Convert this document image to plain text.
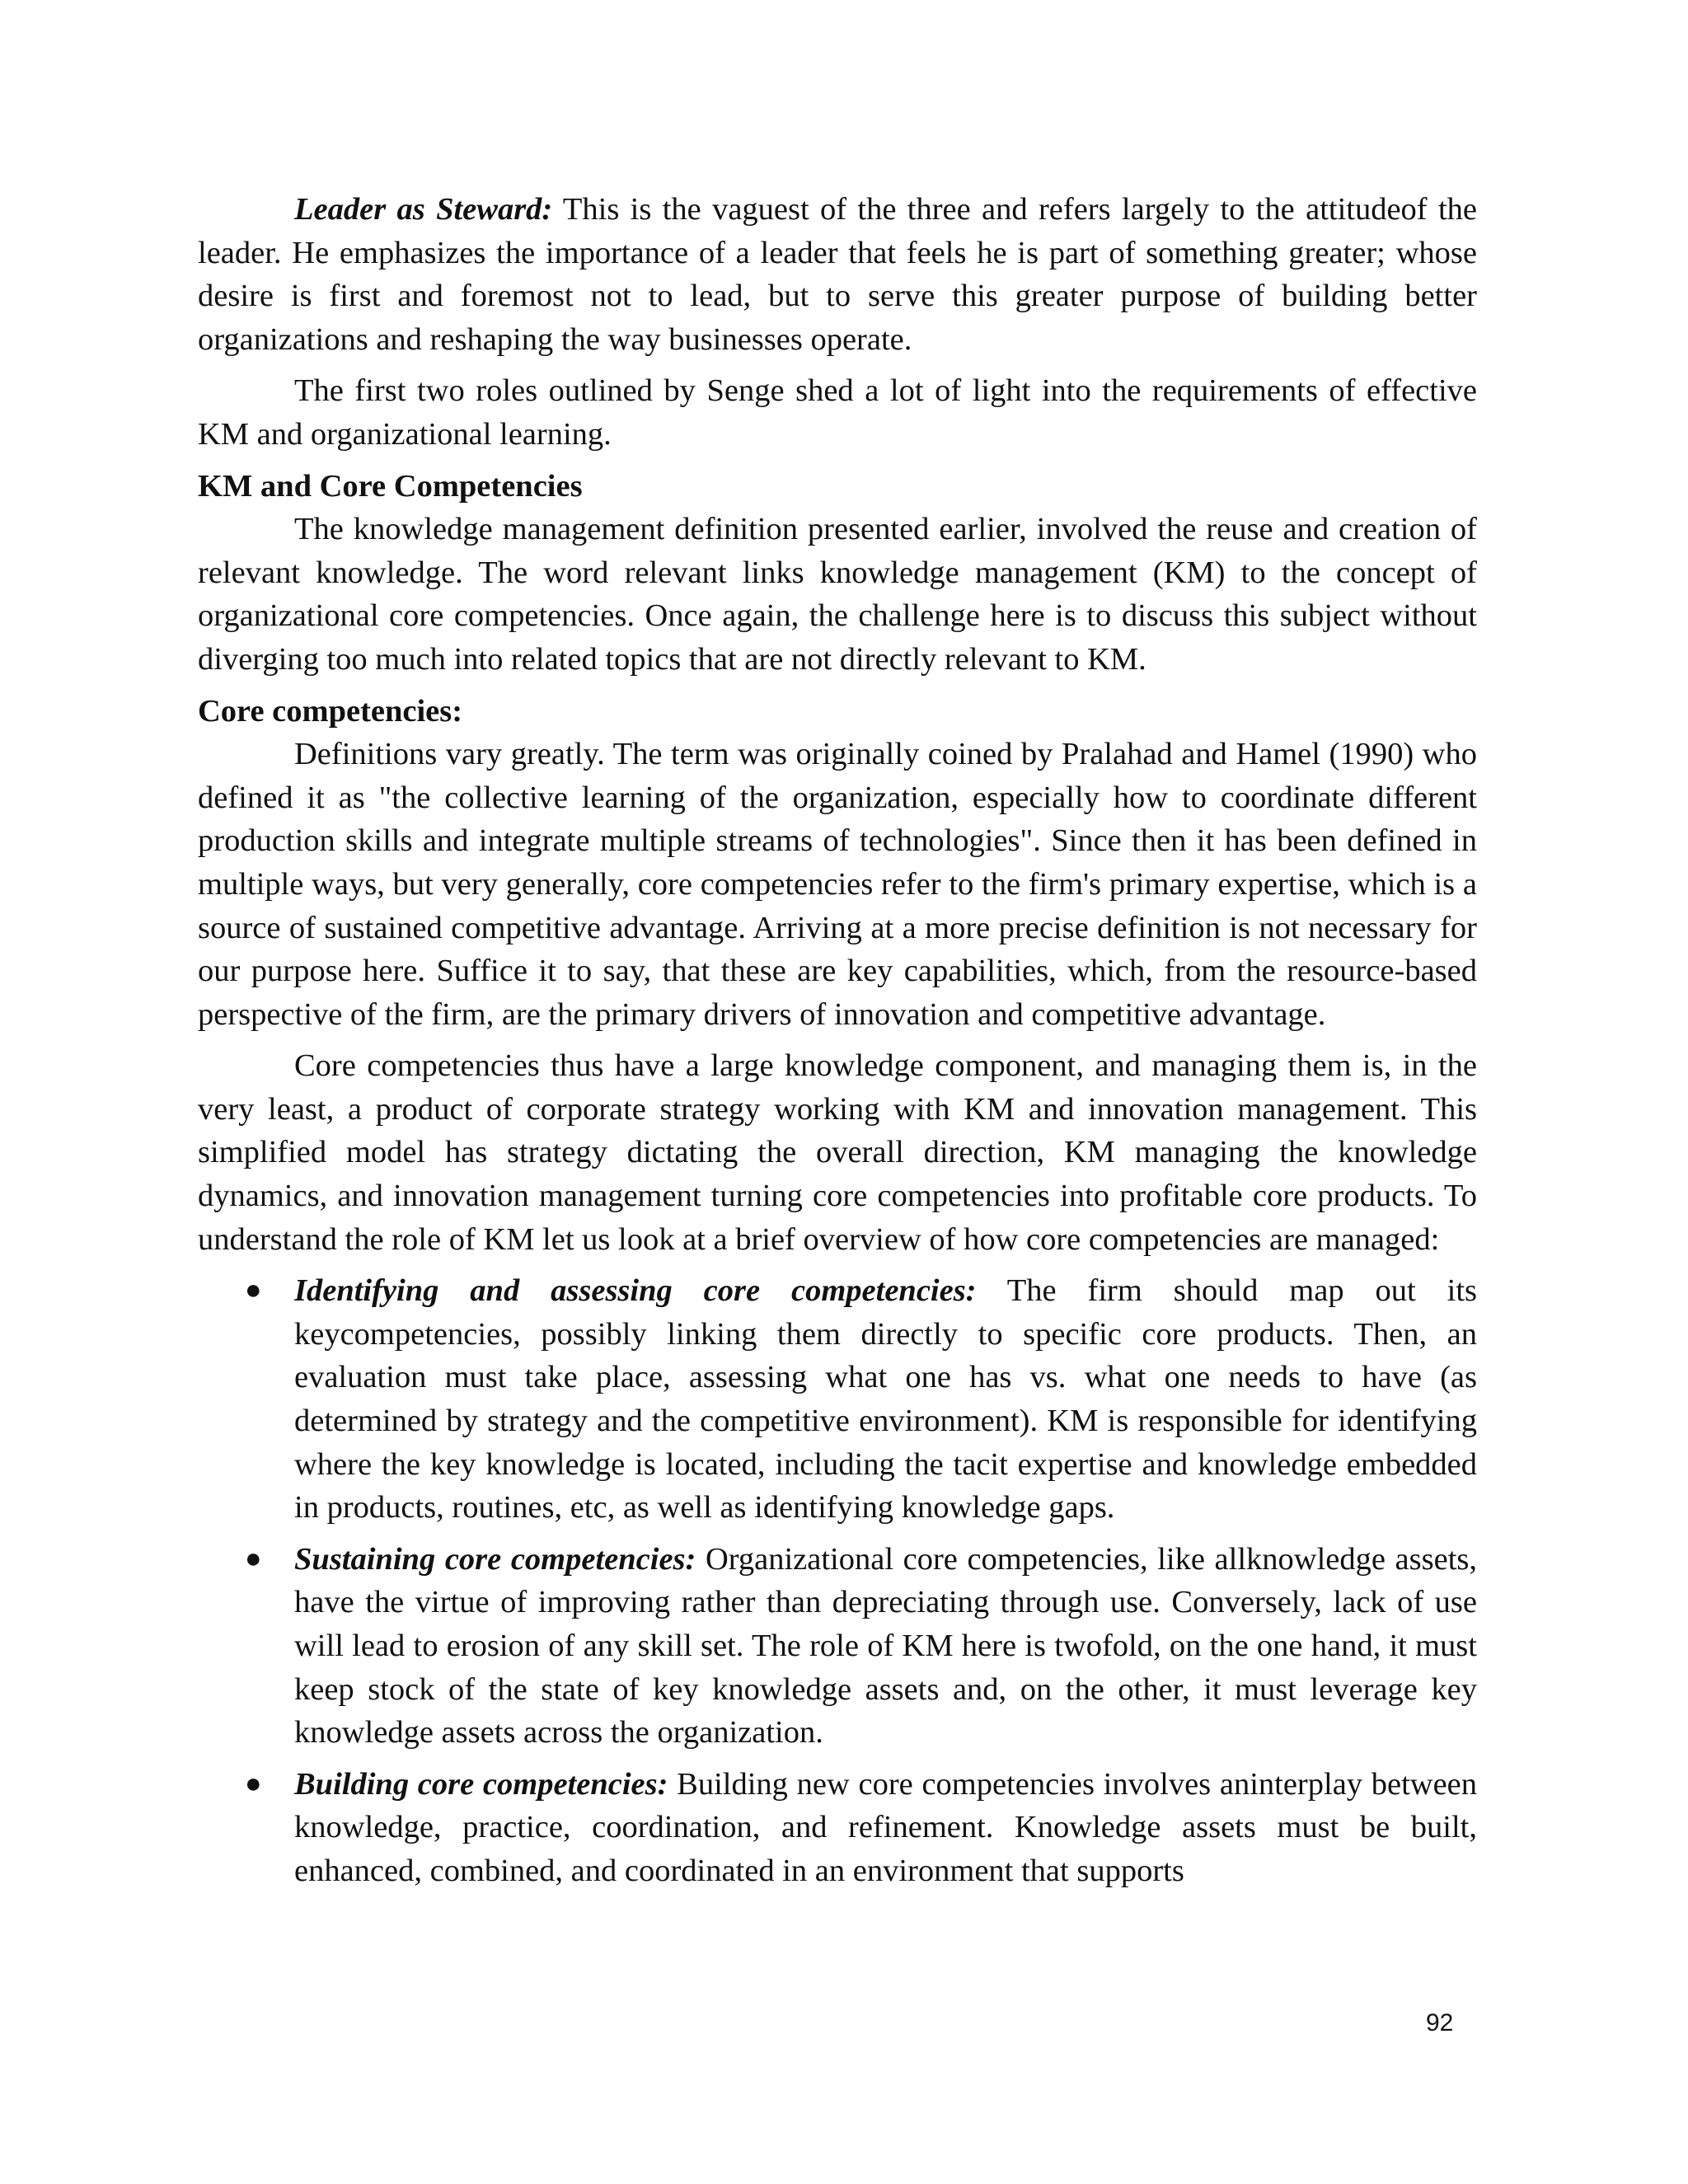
Leader as Steward: This is the vaguest of the three and refers largely to the attitudeof the leader. He emphasizes the importance of a leader that feels he is part of something greater; whose desire is first and foremost not to lead, but to serve this greater purpose of building better organizations and reshaping the way businesses operate.

The first two roles outlined by Senge shed a lot of light into the requirements of effective KM and organizational learning.

KM and Core Competencies

The knowledge management definition presented earlier, involved the reuse and creation of relevant knowledge. The word relevant links knowledge management (KM) to the concept of organizational core competencies. Once again, the challenge here is to discuss this subject without diverging too much into related topics that are not directly relevant to KM.

Core competencies:

Definitions vary greatly. The term was originally coined by Pralahad and Hamel (1990) who defined it as "the collective learning of the organization, especially how to coordinate different production skills and integrate multiple streams of technologies". Since then it has been defined in multiple ways, but very generally, core competencies refer to the firm's primary expertise, which is a source of sustained competitive advantage. Arriving at a more precise definition is not necessary for our purpose here. Suffice it to say, that these are key capabilities, which, from the resource-based perspective of the firm, are the primary drivers of innovation and competitive advantage.

Core competencies thus have a large knowledge component, and managing them is, in the very least, a product of corporate strategy working with KM and innovation management. This simplified model has strategy dictating the overall direction, KM managing the knowledge dynamics, and innovation management turning core competencies into profitable core products. To understand the role of KM let us look at a brief overview of how core competencies are managed:

● Identifying and assessing core competencies: The firm should map out its keycompetencies, possibly linking them directly to specific core products. Then, an evaluation must take place, assessing what one has vs. what one needs to have (as determined by strategy and the competitive environment). KM is responsible for identifying where the key knowledge is located, including the tacit expertise and knowledge embedded in products, routines, etc, as well as identifying knowledge gaps.
● Sustaining core competencies: Organizational core competencies, like allknowledge assets, have the virtue of improving rather than depreciating through use. Conversely, lack of use will lead to erosion of any skill set. The role of KM here is twofold, on the one hand, it must keep stock of the state of key knowledge assets and, on the other, it must leverage key knowledge assets across the organization.
● Building core competencies: Building new core competencies involves aninterplay between knowledge, practice, coordination, and refinement. Knowledge assets must be built, enhanced, combined, and coordinated in an environment that supports
92
